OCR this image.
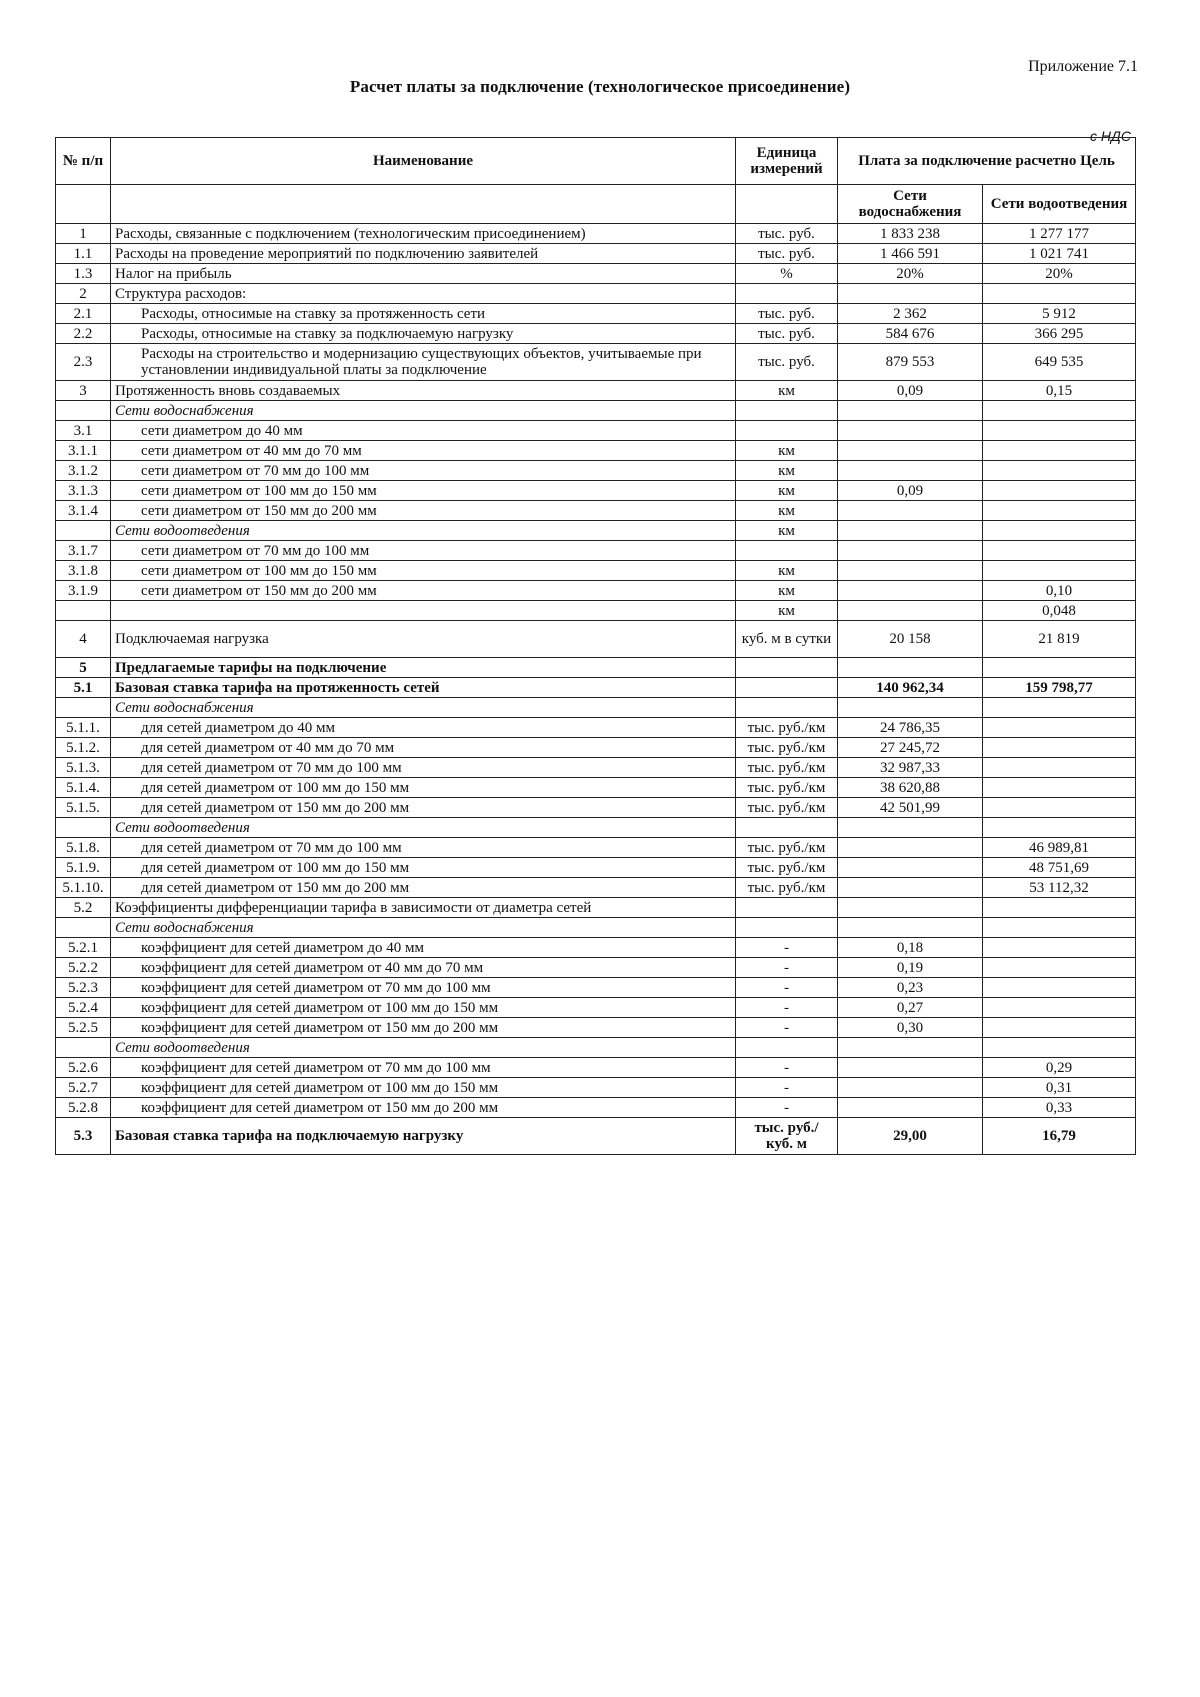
Приложение 7.1
Расчет платы за подключение (технологическое присоединение)
с НДС
№ п/п	Наименование	Единица измерений	Плата за подключение расчетно Цель	

			Сети водоснабжения	Сети водоотведения
1	Расходы, связанные с подключением (технологическим присоединением)	тыс. руб.	1 833 238	1 277 177
1.1	Расходы на проведение мероприятий по подключению заявителей	тыс. руб.	1 466 591	1 021 741
1.3	Налог на прибыль	%	20%	20%
2	Структура расходов:			
2.1	Расходы, относимые на ставку за протяженность сети	тыс. руб.	2 362	5 912
2.2	Расходы, относимые на ставку за подключаемую нагрузку	тыс. руб.	584 676	366 295
2.3	Расходы на строительство и модернизацию существующих объектов, учитываемые при установлении индивидуальной платы за подключение	тыс. руб.	879 553	649 535
3	Протяженность вновь создаваемых	км	0,09	0,15
	Сети водоснабжения			
3.1	сети диаметром до 40 мм			
3.1.1	сети диаметром от 40 мм до 70 мм	км		
3.1.2	сети диаметром от 70 мм до 100 мм	км		
3.1.3	сети диаметром от 100 мм до 150 мм	км	0,09	
3.1.4	сети диаметром от 150 мм до 200 мм	км		
	Сети водоотведения	км		
3.1.7	сети диаметром от 70 мм до 100 мм			
3.1.8	сети диаметром от 100 мм до 150 мм	км		
3.1.9	сети диаметром от 150 мм до 200 мм	км		0,10
		км		0,048
4	Подключаемая нагрузка	куб. м в сутки	20 158	21 819
5	Предлагаемые тарифы на подключение			
5.1	Базовая ставка тарифа на протяженность сетей		140 962,34	159 798,77
	Сети водоснабжения			
5.1.1.	для сетей диаметром до 40 мм	тыс. руб./км	24 786,35	
5.1.2.	для сетей диаметром от 40 мм до 70 мм	тыс. руб./км	27 245,72	
5.1.3.	для сетей диаметром от 70 мм до 100 мм	тыс. руб./км	32 987,33	
5.1.4.	для сетей диаметром от 100 мм до 150 мм	тыс. руб./км	38 620,88	
5.1.5.	для сетей диаметром от 150 мм до 200 мм	тыс. руб./км	42 501,99	
	Сети водоотведения			
5.1.8.	для сетей диаметром от 70 мм до 100 мм	тыс. руб./км		46 989,81
5.1.9.	для сетей диаметром от 100 мм до 150 мм	тыс. руб./км		48 751,69
5.1.10.	для сетей диаметром от 150 мм до 200 мм	тыс. руб./км		53 112,32
5.2	Коэффициенты дифференциации тарифа в зависимости от диаметра сетей			
	Сети водоснабжения			
5.2.1	коэффициент для сетей диаметром до 40 мм	-	0,18	
5.2.2	коэффициент для сетей диаметром от 40 мм до 70 мм	-	0,19	
5.2.3	коэффициент для сетей диаметром от 70 мм до 100 мм	-	0,23	
5.2.4	коэффициент для сетей диаметром от 100 мм до 150 мм	-	0,27	
5.2.5	коэффициент для сетей диаметром от 150 мм до 200 мм	-	0,30	
	Сети водоотведения			
5.2.6	коэффициент для сетей диаметром от 70 мм до 100 мм	-		0,29
5.2.7	коэффициент для сетей диаметром от 100 мм до 150 мм	-		0,31
5.2.8	коэффициент для сетей диаметром от 150 мм до 200 мм	-		0,33
5.3	Базовая ставка тарифа на подключаемую нагрузку	тыс. руб./ куб. м	29,00	16,79
